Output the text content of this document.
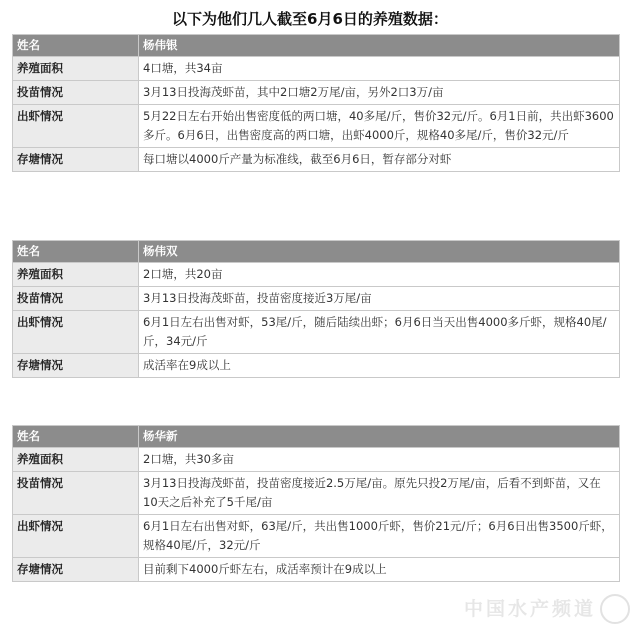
以下为他们几人截至6月6日的养殖数据：
姓名	杨伟银
养殖面积	4口塘，共34亩
投苗情况	3月13日投海茂虾苗，其中2口塘2万尾/亩，另外2口3万/亩
出虾情况	5月22日左右开始出售密度低的两口塘，40多尾/斤，售价32元/斤。6月1日前，共出虾3600多斤。6月6日，出售密度高的两口塘，出虾4000斤，规格40多尾/斤，售价32元/斤
存塘情况	每口塘以4000斤产量为标准线，截至6月6日，暂存部分对虾
姓名	杨伟双
养殖面积	2口塘，共20亩
投苗情况	3月13日投海茂虾苗，投苗密度接近3万尾/亩
出虾情况	6月1日左右出售对虾，53尾/斤，随后陆续出虾；6月6日当天出售4000多斤虾，规格40尾/斤，34元/斤
存塘情况	成活率在9成以上
姓名	杨华新
养殖面积	2口塘，共30多亩
投苗情况	3月13日投海茂虾苗，投苗密度接近2.5万尾/亩。原先只投2万尾/亩，后看不到虾苗，又在10天之后补充了5千尾/亩
出虾情况	6月1日左右出售对虾，63尾/斤，共出售1000斤虾，售价21元/斤；6月6日出售3500斤虾，规格40尾/斤，32元/斤
存塘情况	目前剩下4000斤虾左右，成活率预计在9成以上
中国水产频道
